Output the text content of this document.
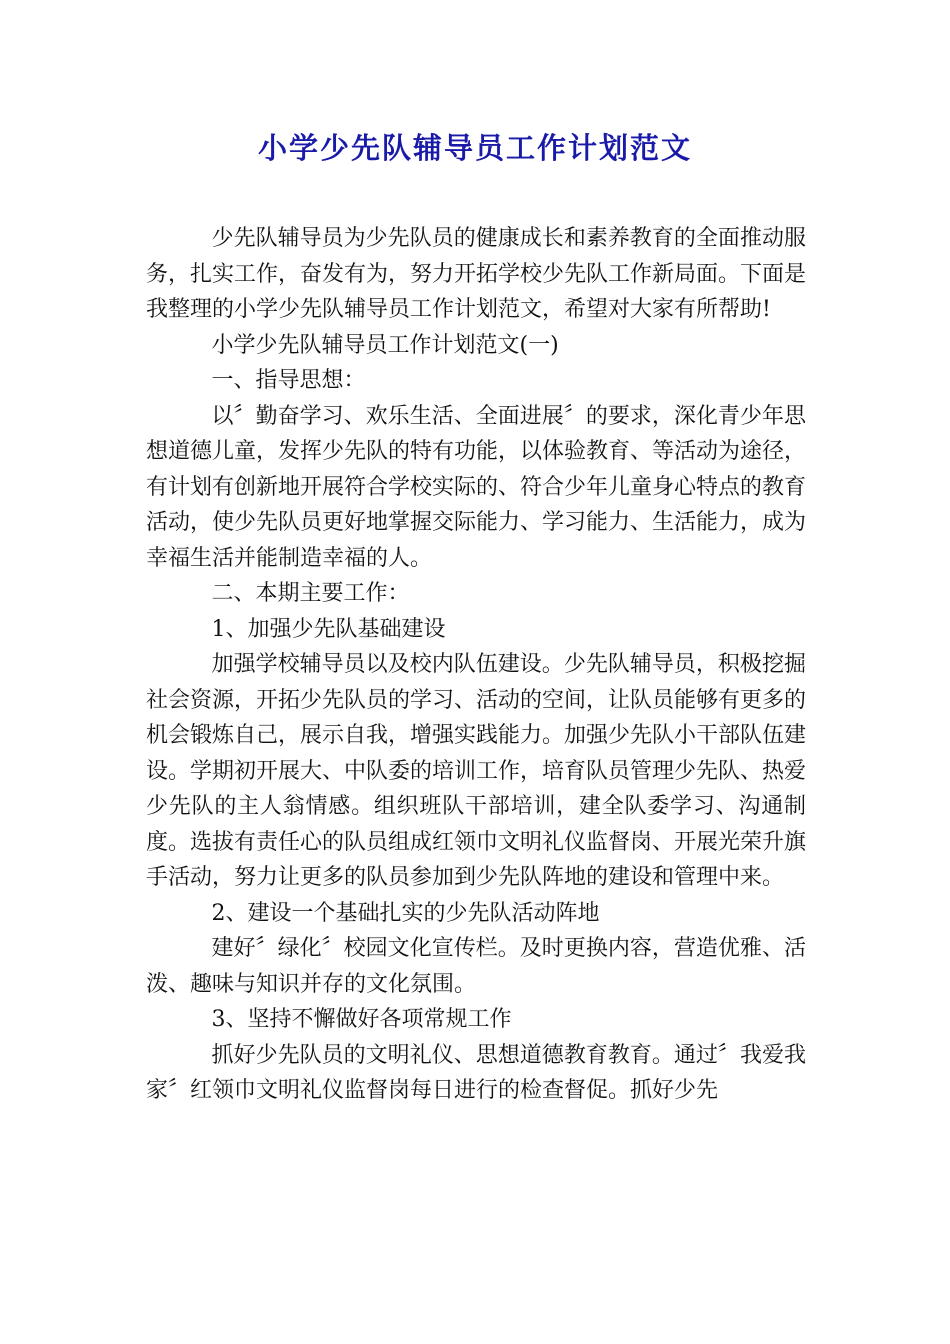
小学少先队辅导员工作计划范文

少先队辅导员为少先队员的健康成长和素养教育的全面推动服务，扎实工作，奋发有为，努力开拓学校少先队工作新局面。下面是我整理的小学少先队辅导员工作计划范文，希望对大家有所帮助!

小学少先队辅导员工作计划范文(一)

一、指导思想：

以〞勤奋学习、欢乐生活、全面进展〞的要求，深化青少年思想道德儿童，发挥少先队的特有功能，以体验教育、等活动为途径，有计划有创新地开展符合学校实际的、符合少年儿童身心特点的教育活动，使少先队员更好地掌握交际能力、学习能力、生活能力，成为幸福生活并能制造幸福的人。

二、本期主要工作：

1、加强少先队基础建设

加强学校辅导员以及校内队伍建设。少先队辅导员，积极挖掘社会资源，开拓少先队员的学习、活动的空间，让队员能够有更多的机会锻炼自己，展示自我，增强实践能力。加强少先队小干部队伍建设。学期初开展大、中队委的培训工作，培育队员管理少先队、热爱少先队的主人翁情感。组织班队干部培训，建全队委学习、沟通制度。选拔有责任心的队员组成红领巾文明礼仪监督岗、开展光荣升旗手活动，努力让更多的队员参加到少先队阵地的建设和管理中来。

2、建设一个基础扎实的少先队活动阵地

建好〞绿化〞校园文化宣传栏。及时更换内容，营造优雅、活泼、趣味与知识并存的文化氛围。

3、坚持不懈做好各项常规工作

抓好少先队员的文明礼仪、思想道德教育教育。通过〞我爱我家〞红领巾文明礼仪监督岗每日进行的检查督促。抓好少先
